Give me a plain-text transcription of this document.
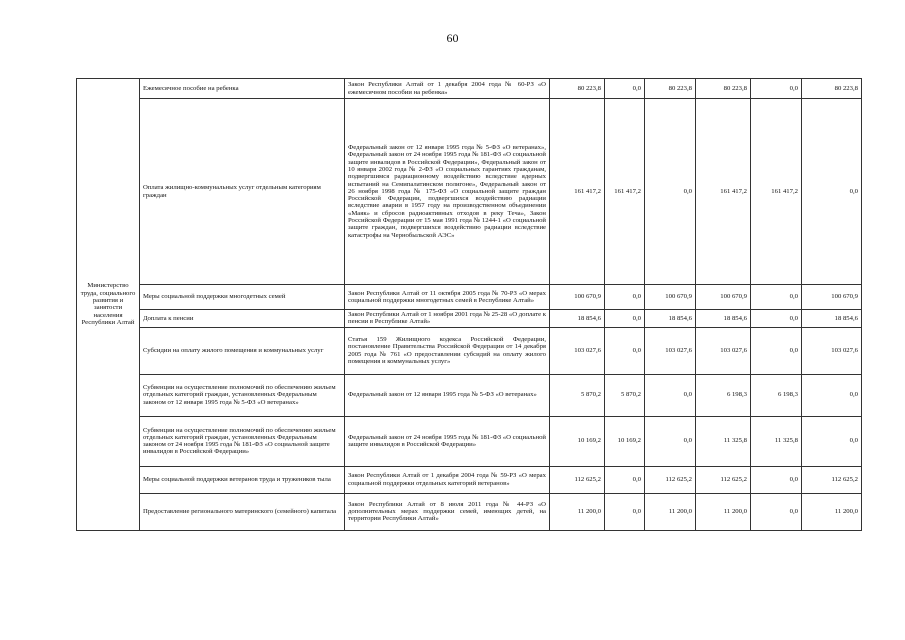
60
Министерство труда, социального развития и занятости населения Республики Алтай	Ежемесячное пособие на ребенка	Закон Республики Алтай от 1 декабря 2004 года № 60-РЗ «О ежемесячном пособии на ребенка»	80 223,8	0,0	80 223,8	80 223,8	0,0	80 223,8
	Оплата жилищно-коммунальных услуг отдельным категориям граждан	Федеральный закон от 12 января 1995 года № 5-ФЗ «О ветеранах», Федеральный закон от 24 ноября 1995 года № 181-ФЗ «О социальной защите инвалидов в Российской Федерации», Федеральный закон от 10 января 2002 года № 2-ФЗ «О социальных гарантиях гражданам, подвергшимся радиационному воздействию вследствие ядерных испытаний на Семипалатинском полигоне», Федеральный закон от 26 ноября 1998 года № 175-ФЗ «О социальной защите граждан Российской Федерации, подвергшихся воздействию радиации вследствие аварии в 1957 году на производственном объединении «Маяк» и сбросов радиоактивных отходов в реку Теча», Закон Российской Федерации от 15 мая 1991 года № 1244-1 «О социальной защите граждан, подвергшихся воздействию радиации вследствие катастрофы на Чернобыльской АЭС»	161 417,2	161 417,2	0,0	161 417,2	161 417,2	0,0
	Меры социальной поддержки многодетных семей	Закон Республики Алтай от 11 октября 2005 года № 70-РЗ «О мерах социальной поддержки многодетных семей в Республике Алтай»	100 670,9	0,0	100 670,9	100 670,9	0,0	100 670,9
	Доплата к пенсии	Закон Республики Алтай от 1 ноября 2001 года № 25-28 «О доплате к пенсии в Республике Алтай»	18 854,6	0,0	18 854,6	18 854,6	0,0	18 854,6
	Субсидии на оплату жилого помещения и коммунальных услуг	Статья 159 Жилищного кодекса Российской Федерации, постановление Правительства Российской Федерации от 14 декабря 2005 года № 761 «О предоставлении субсидий на оплату жилого помещения и коммунальных услуг»	103 027,6	0,0	103 027,6	103 027,6	0,0	103 027,6
	Субвенции на осуществление полномочий по обеспечению жильем отдельных категорий граждан, установленных Федеральным законом от 12 января 1995 года № 5-ФЗ «О ветеранах»	Федеральный закон от 12 января 1995 года № 5-ФЗ «О ветеранах»	5 870,2	5 870,2	0,0	6 198,3	6 198,3	0,0
	Субвенции на осуществление полномочий по обеспечению жильем отдельных категорий граждан, установленных Федеральным законом от 24 ноября 1995 года № 181-ФЗ «О социальной защите инвалидов в Российской Федерации»	Федеральный закон от 24 ноября 1995 года № 181-ФЗ «О социальной защите инвалидов в Российской Федерации»	10 169,2	10 169,2	0,0	11 325,8	11 325,8	0,0
	Меры социальной поддержки ветеранов труда и тружеников тыла	Закон Республики Алтай от 1 декабря 2004 года № 59-РЗ «О мерах социальной поддержки отдельных категорий ветеранов»	112 625,2	0,0	112 625,2	112 625,2	0,0	112 625,2
	Предоставление регионального материнского (семейного) капитала	Закон Республики Алтай от 8 июля 2011 года № 44-РЗ «О дополнительных мерах поддержки семей, имеющих детей, на территории Республики Алтай»	11 200,0	0,0	11 200,0	11 200,0	0,0	11 200,0
